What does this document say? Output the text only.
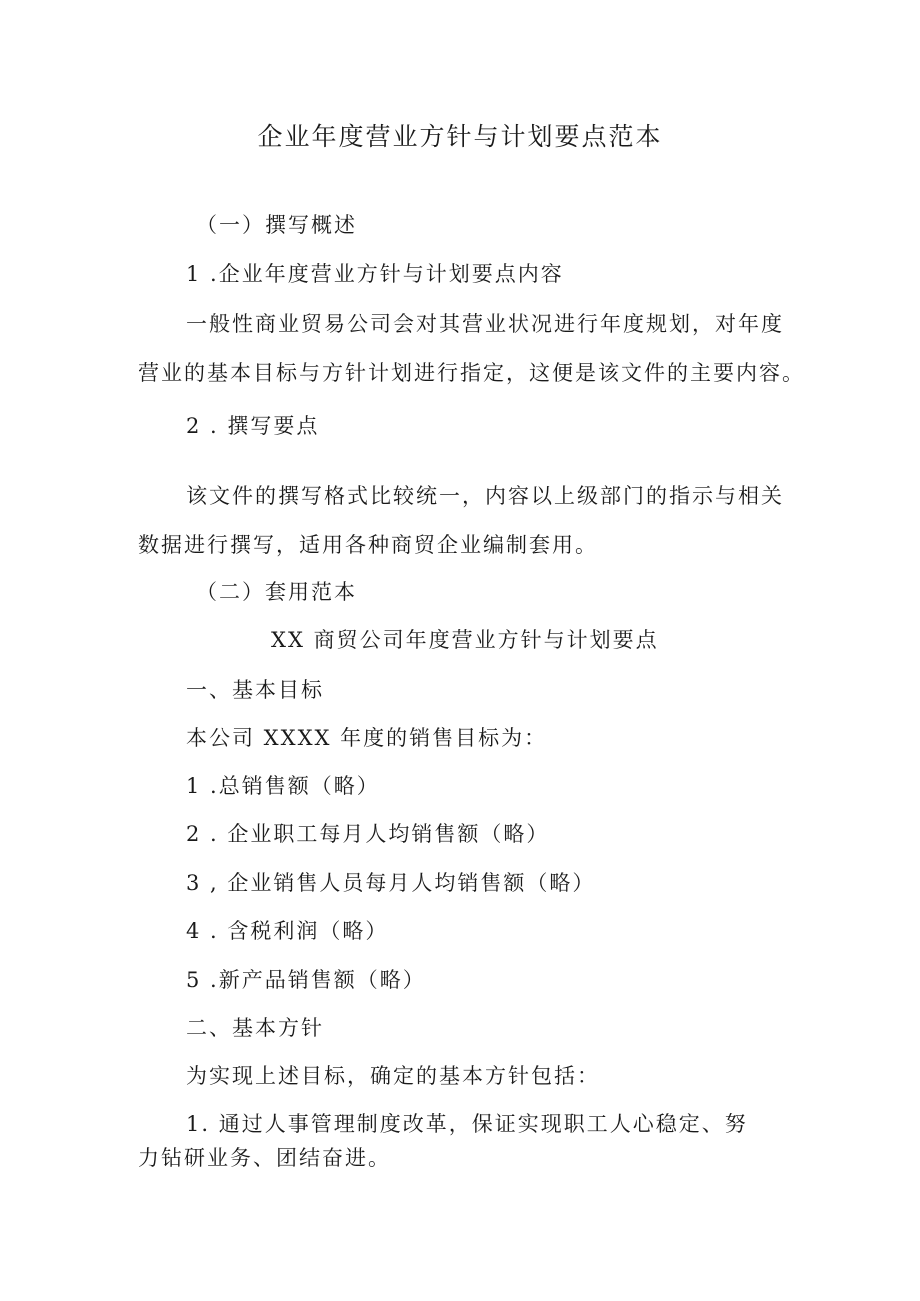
企业年度营业方针与计划要点范本
（一）撰写概述
1 .企业年度营业方针与计划要点内容
一般性商业贸易公司会对其营业状况进行年度规划，对年度
营业的基本目标与方针计划进行指定，这便是该文件的主要内容。
2 . 撰写要点
该文件的撰写格式比较统一，内容以上级部门的指示与相关
数据进行撰写，适用各种商贸企业编制套用。
（二）套用范本
XX 商贸公司年度营业方针与计划要点
一、基本目标
本公司 XXXX 年度的销售目标为：
1 .总销售额（略）
2 . 企业职工每月人均销售额（略）
3 , 企业销售人员每月人均销售额（略）
4 . 含税利润（略）
5 .新产品销售额（略）
二、基本方针
为实现上述目标，确定的基本方针包括：
1. 通过人事管理制度改革，保证实现职工人心稳定、努
力钻研业务、团结奋进。
